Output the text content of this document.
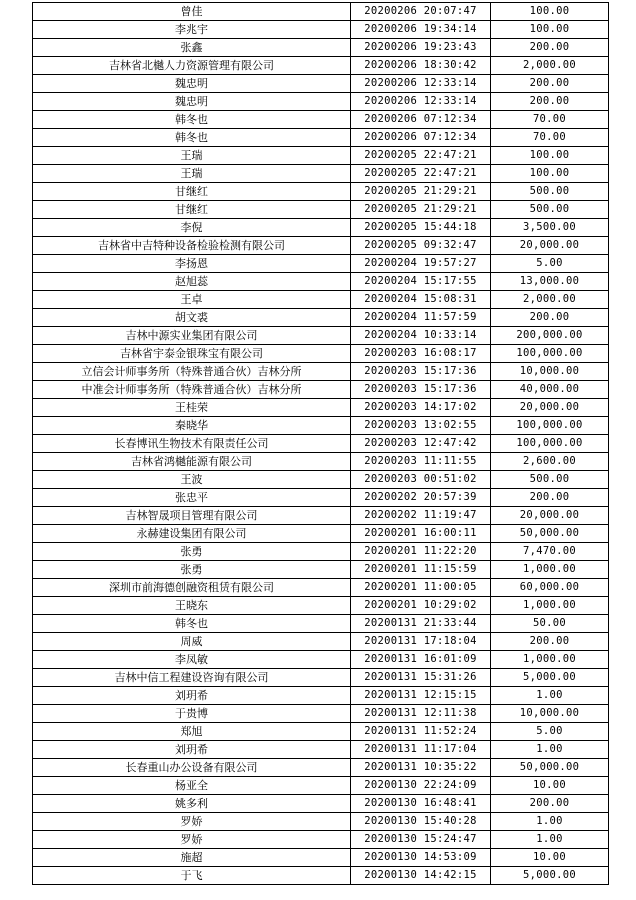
曾佳	20200206 20:07:47	100.00
李兆宇	20200206 19:34:14	100.00
张鑫	20200206 19:23:43	200.00
吉林省北樾人力资源管理有限公司	20200206 18:30:42	2,000.00
魏忠明	20200206 12:33:14	200.00
魏忠明	20200206 12:33:14	200.00
韩冬也	20200206 07:12:34	70.00
韩冬也	20200206 07:12:34	70.00
王瑞	20200205 22:47:21	100.00
王瑞	20200205 22:47:21	100.00
甘继红	20200205 21:29:21	500.00
甘继红	20200205 21:29:21	500.00
李倪	20200205 15:44:18	3,500.00
吉林省中吉特种设备检验检测有限公司	20200205 09:32:47	20,000.00
李扬恩	20200204 19:57:27	5.00
赵旭蕊	20200204 15:17:55	13,000.00
王卓	20200204 15:08:31	2,000.00
胡文裘	20200204 11:57:59	200.00
吉林中源实业集团有限公司	20200204 10:33:14	200,000.00
吉林省宇泰金银珠宝有限公司	20200203 16:08:17	100,000.00
立信会计师事务所（特殊普通合伙）吉林分所	20200203 15:17:36	10,000.00
中准会计师事务所（特殊普通合伙）吉林分所	20200203 15:17:36	40,000.00
王桂荣	20200203 14:17:02	20,000.00
秦晓华	20200203 13:02:55	100,000.00
长春博讯生物技术有限责任公司	20200203 12:47:42	100,000.00
吉林省鸿樾能源有限公司	20200203 11:11:55	2,600.00
王波	20200203 00:51:02	500.00
张忠平	20200202 20:57:39	200.00
吉林智晟项目管理有限公司	20200202 11:19:47	20,000.00
永赫建设集团有限公司	20200201 16:00:11	50,000.00
张勇	20200201 11:22:20	7,470.00
张勇	20200201 11:15:59	1,000.00
深圳市前海德创融资租赁有限公司	20200201 11:00:05	60,000.00
王晓东	20200201 10:29:02	1,000.00
韩冬也	20200131 21:33:44	50.00
周威	20200131 17:18:04	200.00
李凤敏	20200131 16:01:09	1,000.00
吉林中信工程建设咨询有限公司	20200131 15:31:26	5,000.00
刘玥希	20200131 12:15:15	1.00
于贵博	20200131 12:11:38	10,000.00
郑旭	20200131 11:52:24	5.00
刘玥希	20200131 11:17:04	1.00
长春重山办公设备有限公司	20200131 10:35:22	50,000.00
杨亚全	20200130 22:24:09	10.00
姚多利	20200130 16:48:41	200.00
罗娇	20200130 15:40:28	1.00
罗娇	20200130 15:24:47	1.00
施超	20200130 14:53:09	10.00
于飞	20200130 14:42:15	5,000.00
